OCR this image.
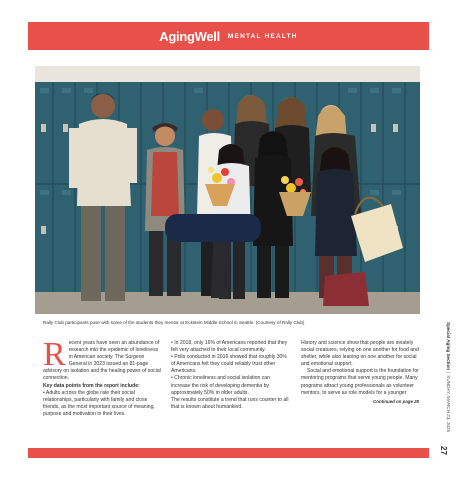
AgingWell MENTAL HEALTH
Rally Club participants pose with some of the students they mentor at Eckstein Middle School in Seattle. (Courtesy of Rally Club)
R ecent years have seen an abundance of research into the epidemic of loneliness in American society. The Surgeon General in 2023 issued an 81-page advisory on isolation and the healing power of social connection.

Key data points from the report include:

• Adults across the globe rate their social relationships, particularly with family and close friends, as the most important source of meaning, purpose and motivation in their lives.

• In 2018, only 16% of Americans reported that they felt very attached to their local community.

• Polls conducted in 2016 showed that roughly 30% of Americans felt they could reliably trust other Americans.

• Chronic loneliness and social isolation can increase the risk of developing dementia by approximately 50% in older adults.

The results constitute a trend that runs counter to all that is known about humankind.

History and science show that people are innately social creatures, relying on one another for food and shelter, while also leaning on one another for social and emotional support.

Social and emotional support is the foundation for mentoring programs that serve young people. Many programs attract young professionals as volunteer mentors, to serve as role models for a younger

Continued on page 28

Special Aging Section
|
SUNDAY, MARCH 23, 2025
27
